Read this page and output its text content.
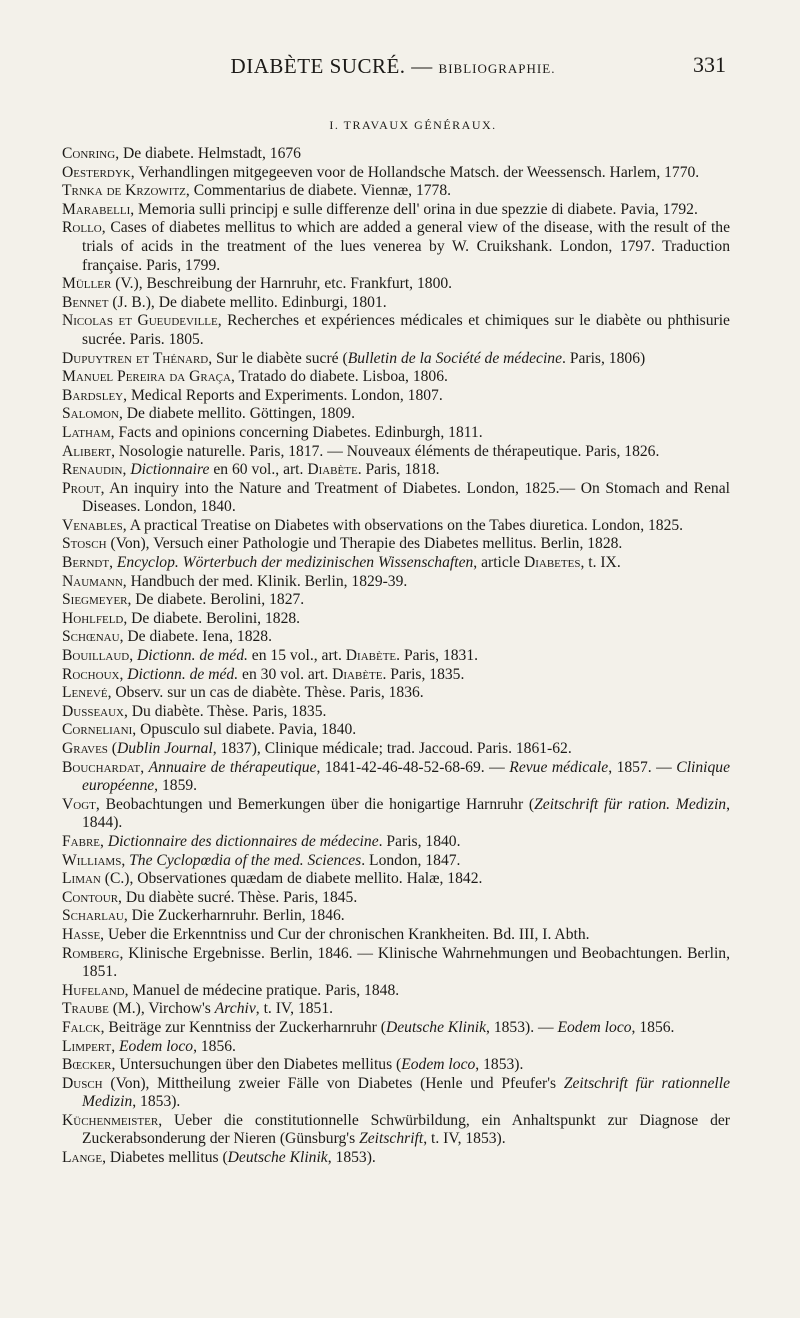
DIABÈTE SUCRÉ. — BIBLIOGRAPHIE.	331
I. TRAVAUX GÉNÉRAUX.

Conring, De diabete. Helmstadt, 1676

Oesterdyk, Verhandlingen mitgegeeven voor de Hollandsche Matsch. der Weessensch. Harlem, 1770.

Trnka de Krzowitz, Commentarius de diabete. Viennæ, 1778.

Marabelli, Memoria sulli principj e sulle differenze dell' orina in due spezzie di diabete. Pavia, 1792.

Rollo, Cases of diabetes mellitus to which are added a general view of the disease, with the result of the trials of acids in the treatment of the lues venerea by W. Cruikshank. London, 1797. Traduction française. Paris, 1799.

Müller (V.), Beschreibung der Harnruhr, etc. Frankfurt, 1800.

Bennet (J. B.), De diabete mellito. Edinburgi, 1801.

Nicolas et Gueudeville, Recherches et expériences médicales et chimiques sur le diabète ou phthisurie sucrée. Paris. 1805.

Dupuytren et Thénard, Sur le diabète sucré (Bulletin de la Société de médecine. Paris, 1806)

Manuel Pereira da Graça, Tratado do diabete. Lisboa, 1806.

Bardsley, Medical Reports and Experiments. London, 1807.

Salomon, De diabete mellito. Göttingen, 1809.

Latham, Facts and opinions concerning Diabetes. Edinburgh, 1811.

Alibert, Nosologie naturelle. Paris, 1817. — Nouveaux éléments de thérapeutique. Paris, 1826.

Renaudin, Dictionnaire en 60 vol., art. Diabète. Paris, 1818.

Prout, An inquiry into the Nature and Treatment of Diabetes. London, 1825.— On Stomach and Renal Diseases. London, 1840.

Venables, A practical Treatise on Diabetes with observations on the Tabes diuretica. London, 1825.

Stosch (Von), Versuch einer Pathologie und Therapie des Diabetes mellitus. Berlin, 1828.

Berndt, Encyclop. Wörterbuch der medizinischen Wissenschaften, article Diabetes, t. IX.

Naumann, Handbuch der med. Klinik. Berlin, 1829-39.

Siegmeyer, De diabete. Berolini, 1827.

Hohlfeld, De diabete. Berolini, 1828.

Schœnau, De diabete. Iena, 1828.

Bouillaud, Dictionn. de méd. en 15 vol., art. Diabète. Paris, 1831.

Rochoux, Dictionn. de méd. en 30 vol. art. Diabète. Paris, 1835.

Lenevé, Observ. sur un cas de diabète. Thèse. Paris, 1836.

Dusseaux, Du diabète. Thèse. Paris, 1835.

Corneliani, Opusculo sul diabete. Pavia, 1840.

Graves (Dublin Journal, 1837), Clinique médicale; trad. Jaccoud. Paris. 1861-62.

Bouchardat, Annuaire de thérapeutique, 1841-42-46-48-52-68-69. — Revue médicale, 1857. — Clinique européenne, 1859.

Vogt, Beobachtungen und Bemerkungen über die honigartige Harnruhr (Zeitschrift für ration. Medizin, 1844).

Fabre, Dictionnaire des dictionnaires de médecine. Paris, 1840.

Williams, The Cyclopœdia of the med. Sciences. London, 1847.

Liman (C.), Observationes quædam de diabete mellito. Halæ, 1842.

Contour, Du diabète sucré. Thèse. Paris, 1845.

Scharlau, Die Zuckerharnruhr. Berlin, 1846.

Hasse, Ueber die Erkenntniss und Cur der chronischen Krankheiten. Bd. III, I. Abth.

Romberg, Klinische Ergebnisse. Berlin, 1846. — Klinische Wahrnehmungen und Beobachtungen. Berlin, 1851.

Hufeland, Manuel de médecine pratique. Paris, 1848.

Traube (M.), Virchow's Archiv, t. IV, 1851.

Falck, Beiträge zur Kenntniss der Zuckerharnruhr (Deutsche Klinik, 1853). — Eodem loco, 1856.

Limpert, Eodem loco, 1856.

Bœcker, Untersuchungen über den Diabetes mellitus (Eodem loco, 1853).

Dusch (Von), Mittheilung zweier Fälle von Diabetes (Henle und Pfeufer's Zeitschrift für rationnelle Medizin, 1853).

Küchenmeister, Ueber die constitutionnelle Schwürbildung, ein Anhaltspunkt zur Diagnose der Zuckerabsonderung der Nieren (Günsburg's Zeitschrift, t. IV, 1853).

Lange, Diabetes mellitus (Deutsche Klinik, 1853).
